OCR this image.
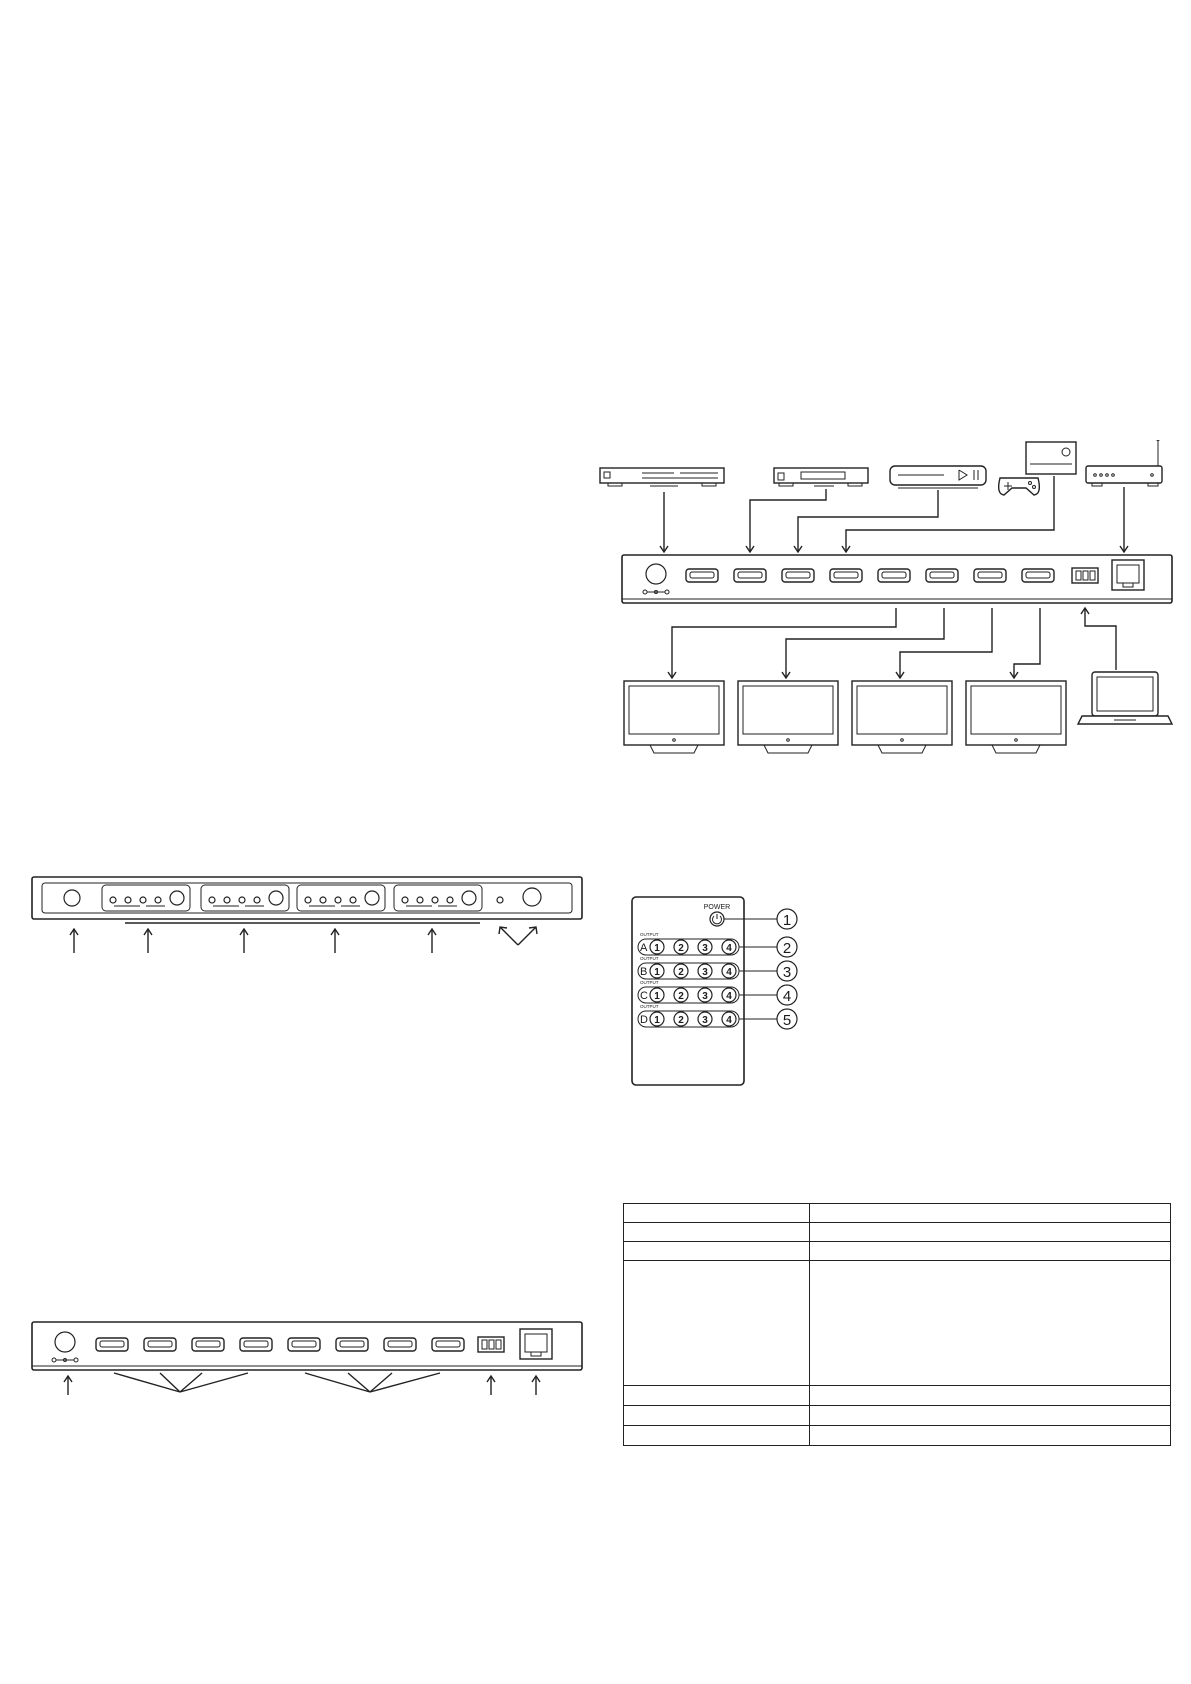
POWER
1
OUTPUT
A 1 2 3 4	2
OUTPUT
B 1 2 3 4	3
OUTPUT
C 1 2 3 4	4
OUTPUT
D 1 2 3 4	5
